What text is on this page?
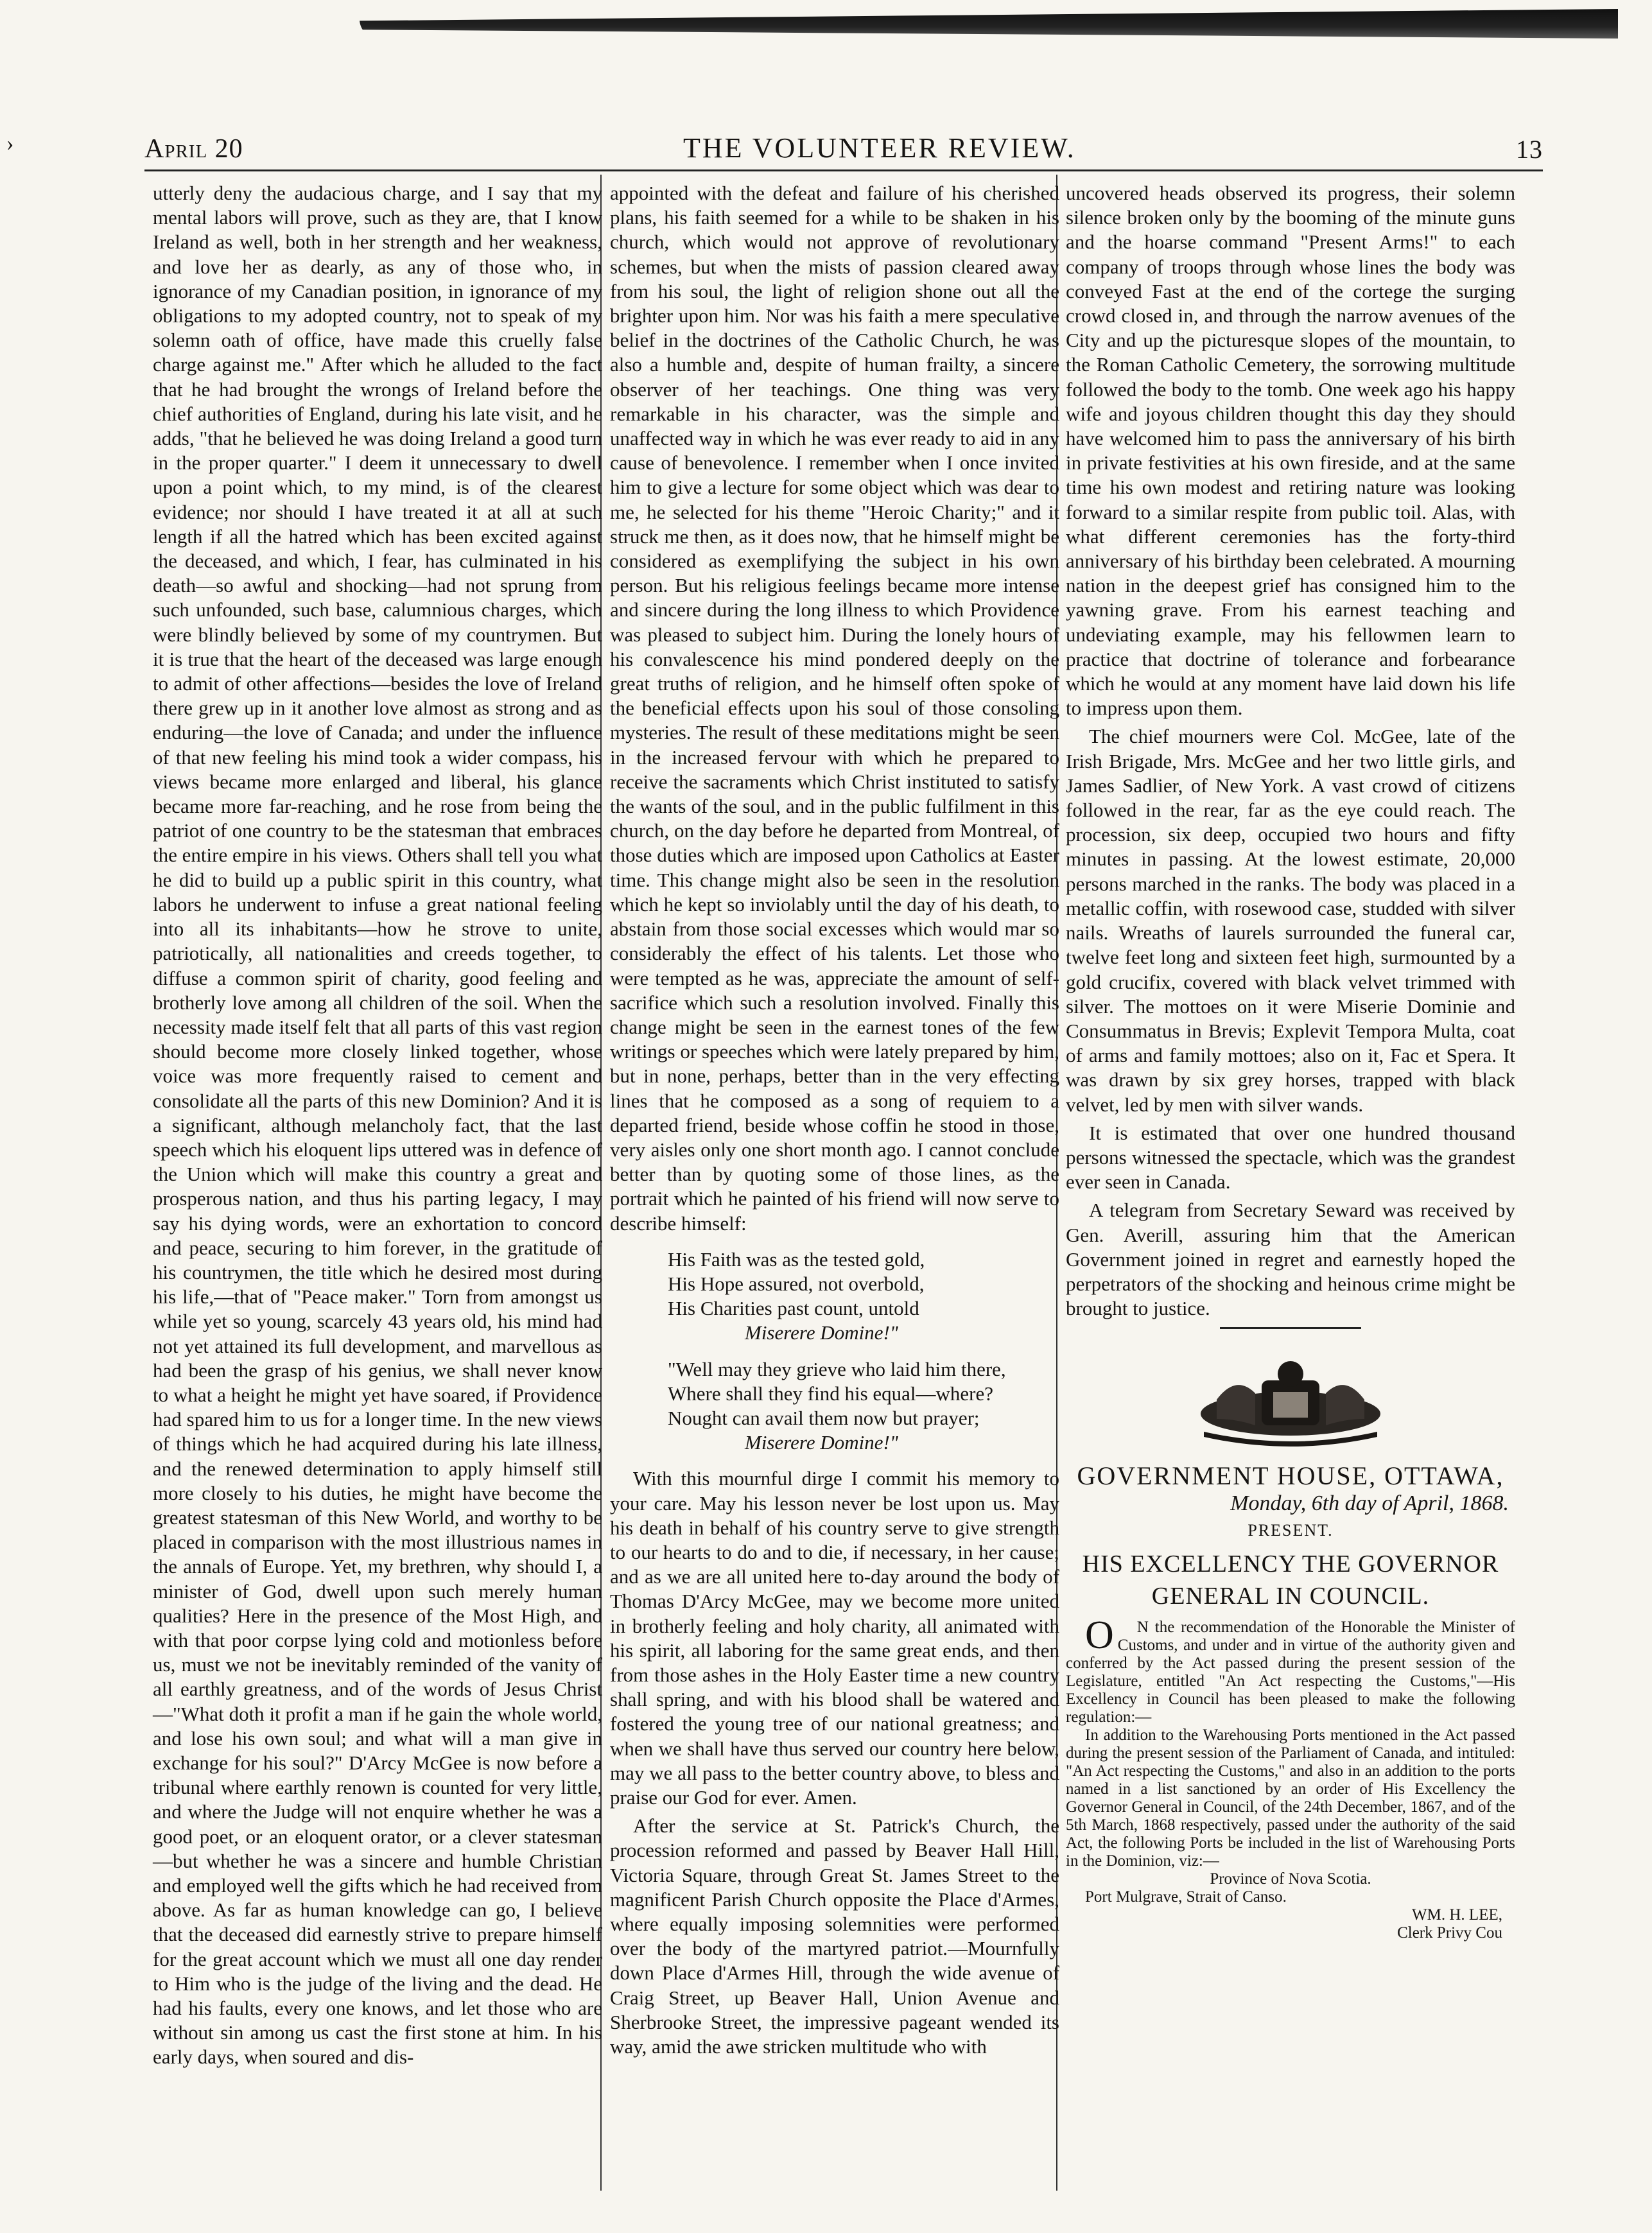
›	April 20	THE VOLUNTEER REVIEW.	13

utterly deny the audacious charge, and I say that my mental labors will prove, such as they are, that I know Ireland as well, both in her strength and her weakness, and love her as dearly, as any of those who, in ignorance of my Canadian position, in ignorance of my obligations to my adopted country, not to speak of my solemn oath of office, have made this cruelly false charge against me." After which he alluded to the fact that he had brought the wrongs of Ireland before the chief authorities of England, during his late visit, and he adds, "that he believed he was doing Ireland a good turn in the proper quarter." I deem it unnecessary to dwell upon a point which, to my mind, is of the clearest evidence; nor should I have treated it at all at such length if all the hatred which has been excited against the deceased, and which, I fear, has culminated in his death—so awful and shocking—had not sprung from such unfounded, such base, calumnious charges, which were blindly believed by some of my countrymen. But it is true that the heart of the deceased was large enough to admit of other affections—besides the love of Ireland there grew up in it another love almost as strong and as enduring—the love of Canada; and under the influence of that new feeling his mind took a wider compass, his views became more enlarged and liberal, his glance became more far-reaching, and he rose from being the patriot of one country to be the statesman that embraces the entire empire in his views. Others shall tell you what he did to build up a public spirit in this country, what labors he underwent to infuse a great national feeling into all its inhabitants—how he strove to unite, patriotically, all nationalities and creeds together, to diffuse a common spirit of charity, good feeling and brotherly love among all children of the soil. When the necessity made itself felt that all parts of this vast region should become more closely linked together, whose voice was more frequently raised to cement and consolidate all the parts of this new Dominion? And it is a significant, although melancholy fact, that the last speech which his eloquent lips uttered was in defence of the Union which will make this country a great and prosperous nation, and thus his parting legacy, I may say his dying words, were an exhortation to concord and peace, securing to him forever, in the gratitude of his countrymen, the title which he desired most during his life,—that of "Peace maker." Torn from amongst us while yet so young, scarcely 43 years old, his mind had not yet attained its full development, and marvellous as had been the grasp of his genius, we shall never know to what a height he might yet have soared, if Providence had spared him to us for a longer time. In the new views of things which he had acquired during his late illness, and the renewed determination to apply himself still more closely to his duties, he might have become the greatest statesman of this New World, and worthy to be placed in comparison with the most illustrious names in the annals of Europe. Yet, my brethren, why should I, a minister of God, dwell upon such merely human qualities? Here in the presence of the Most High, and with that poor corpse lying cold and motionless before us, must we not be inevitably reminded of the vanity of all earthly greatness, and of the words of Jesus Christ—"What doth it profit a man if he gain the whole world, and lose his own soul; and what will a man give in exchange for his soul?" D'Arcy McGee is now before a tribunal where earthly renown is counted for very little, and where the Judge will not enquire whether he was a good poet, or an eloquent orator, or a clever statesman—but whether he was a sincere and humble Christian and employed well the gifts which he had received from above. As far as human knowledge can go, I believe that the deceased did earnestly strive to prepare himself for the great account which we must all one day render to Him who is the judge of the living and the dead. He had his faults, every one knows, and let those who are without sin among us cast the first stone at him. In his early days, when soured and dis-

appointed with the defeat and failure of his cherished plans, his faith seemed for a while to be shaken in his church, which would not approve of revolutionary schemes, but when the mists of passion cleared away from his soul, the light of religion shone out all the brighter upon him. Nor was his faith a mere speculative belief in the doctrines of the Catholic Church, he was also a humble and, despite of human frailty, a sincere observer of her teachings. One thing was very remarkable in his character, was the simple and unaffected way in which he was ever ready to aid in any cause of benevolence. I remember when I once invited him to give a lecture for some object which was dear to me, he selected for his theme "Heroic Charity;" and it struck me then, as it does now, that he himself might be considered as exemplifying the subject in his own person. But his religious feelings became more intense and sincere during the long illness to which Providence was pleased to subject him. During the lonely hours of his convalescence his mind pondered deeply on the great truths of religion, and he himself often spoke of the beneficial effects upon his soul of those consoling mysteries. The result of these meditations might be seen in the increased fervour with which he prepared to receive the sacraments which Christ instituted to satisfy the wants of the soul, and in the public fulfilment in this church, on the day before he departed from Montreal, of those duties which are imposed upon Catholics at Easter time. This change might also be seen in the resolution which he kept so inviolably until the day of his death, to abstain from those social excesses which would mar so considerably the effect of his talents. Let those who were tempted as he was, appreciate the amount of self-sacrifice which such a resolution involved. Finally this change might be seen in the earnest tones of the few writings or speeches which were lately prepared by him, but in none, perhaps, better than in the very effecting lines that he composed as a song of requiem to a departed friend, beside whose coffin he stood in those, very aisles only one short month ago. I cannot conclude better than by quoting some of those lines, as the portrait which he painted of his friend will now serve to describe himself:

His Faith was as the tested gold,
His Hope assured, not overbold,
His Charities past count, untold
Miserere Domine!"
"Well may they grieve who laid him there,
Where shall they find his equal—where?
Nought can avail them now but prayer;
Miserere Domine!"

With this mournful dirge I commit his memory to your care. May his lesson never be lost upon us. May his death in behalf of his country serve to give strength to our hearts to do and to die, if necessary, in her cause; and as we are all united here to-day around the body of Thomas D'Arcy McGee, may we become more united in brotherly feeling and holy charity, all animated with his spirit, all laboring for the same great ends, and then from those ashes in the Holy Easter time a new country shall spring, and with his blood shall be watered and fostered the young tree of our national greatness; and when we shall have thus served our country here below, may we all pass to the better country above, to bless and praise our God for ever. Amen.

After the service at St. Patrick's Church, the procession reformed and passed by Beaver Hall Hill, Victoria Square, through Great St. James Street to the magnificent Parish Church opposite the Place d'Armes, where equally imposing solemnities were performed over the body of the martyred patriot.—Mournfully down Place d'Armes Hill, through the wide avenue of Craig Street, up Beaver Hall, Union Avenue and Sherbrooke Street, the impressive pageant wended its way, amid the awe stricken multitude who with

uncovered heads observed its progress, their solemn silence broken only by the booming of the minute guns and the hoarse command "Present Arms!" to each company of troops through whose lines the body was conveyed Fast at the end of the cortege the surging crowd closed in, and through the narrow avenues of the City and up the picturesque slopes of the mountain, to the Roman Catholic Cemetery, the sorrowing multitude followed the body to the tomb. One week ago his happy wife and joyous children thought this day they should have welcomed him to pass the anniversary of his birth in private festivities at his own fireside, and at the same time his own modest and retiring nature was looking forward to a similar respite from public toil. Alas, with what different ceremonies has the forty-third anniversary of his birthday been celebrated. A mourning nation in the deepest grief has consigned him to the yawning grave. From his earnest teaching and undeviating example, may his fellowmen learn to practice that doctrine of tolerance and forbearance which he would at any moment have laid down his life to impress upon them.

The chief mourners were Col. McGee, late of the Irish Brigade, Mrs. McGee and her two little girls, and James Sadlier, of New York. A vast crowd of citizens followed in the rear, far as the eye could reach. The procession, six deep, occupied two hours and fifty minutes in passing. At the lowest estimate, 20,000 persons marched in the ranks. The body was placed in a metallic coffin, with rosewood case, studded with silver nails. Wreaths of laurels surrounded the funeral car, twelve feet long and sixteen feet high, surmounted by a gold crucifix, covered with black velvet trimmed with silver. The mottoes on it were Miserie Dominie and Consummatus in Brevis; Explevit Tempora Multa, coat of arms and family mottoes; also on it, Fac et Spera. It was drawn by six grey horses, trapped with black velvet, led by men with silver wands.

It is estimated that over one hundred thousand persons witnessed the spectacle, which was the grandest ever seen in Canada.

A telegram from Secretary Seward was received by Gen. Averill, assuring him that the American Government joined in regret and earnestly hoped the perpetrators of the shocking and heinous crime might be brought to justice.

GOVERNMENT HOUSE, OTTAWA,
Monday, 6th day of April, 1868.
PRESENT.
HIS EXCELLENCY THE GOVERNOR GENERAL IN COUNCIL.

ON the recommendation of the Honorable the Minister of Customs, and under and in virtue of the authority given and conferred by the Act passed during the present session of the Legislature, entitled "An Act respecting the Customs,"—His Excellency in Council has been pleased to make the following regulation:—

In addition to the Warehousing Ports mentioned in the Act passed during the present session of the Parliament of Canada, and intituled: "An Act respecting the Customs," and also in an addition to the ports named in a list sanctioned by an order of His Excellency the Governor General in Council, of the 24th December, 1867, and of the 5th March, 1868 respectively, passed under the authority of the said Act, the following Ports be included in the list of Warehousing Ports in the Dominion, viz:—

Province of Nova Scotia.
Port Mulgrave, Strait of Canso.
WM. H. LEE,
Clerk Privy Cou
